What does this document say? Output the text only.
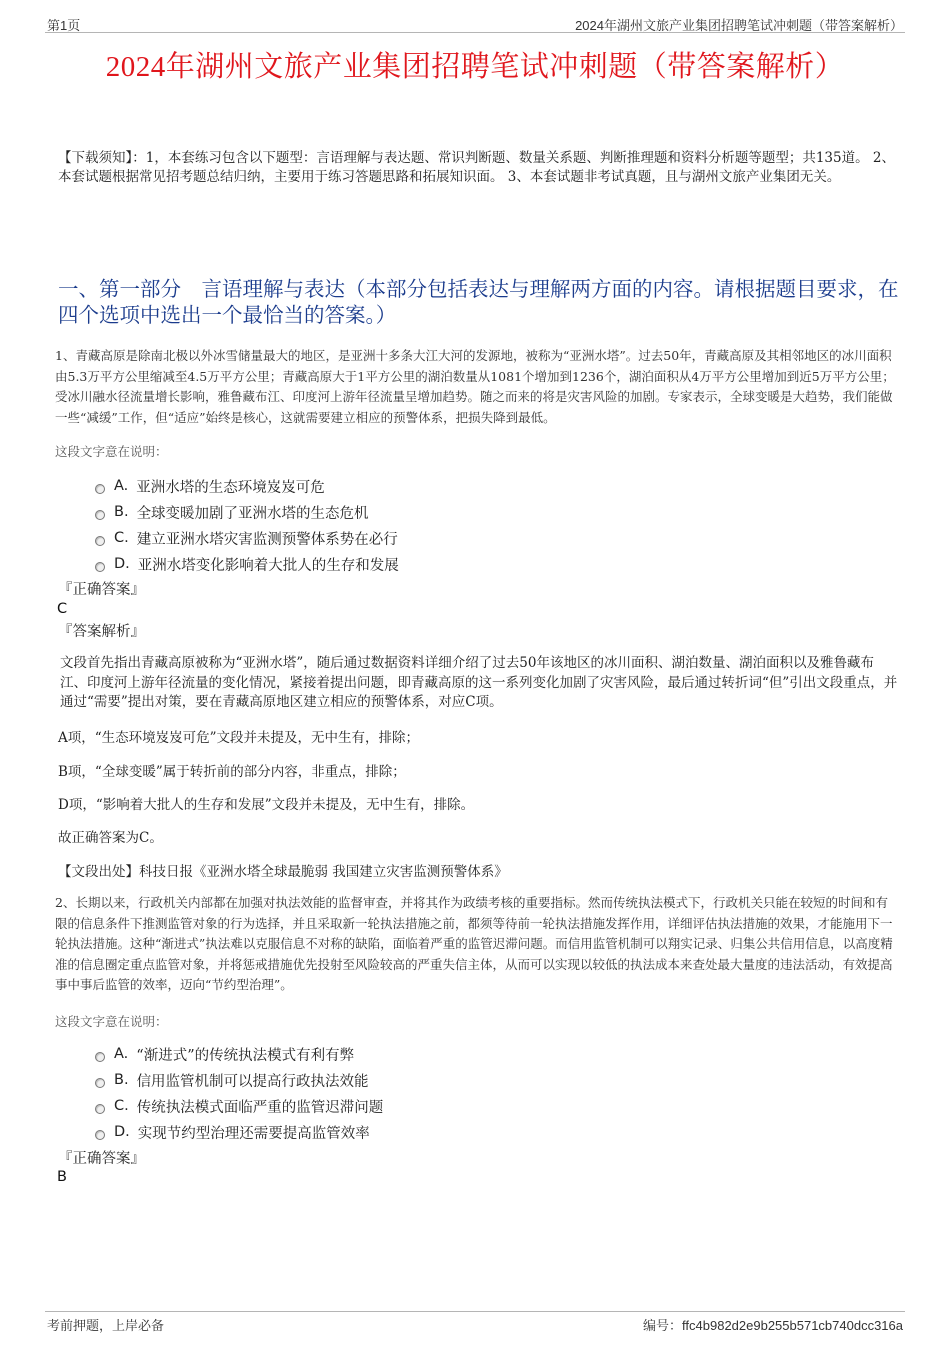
第1页	2024年湖州文旅产业集团招聘笔试冲刺题（带答案解析）
2024年湖州文旅产业集团招聘笔试冲刺题（带答案解析）
【下载须知】：1，本套练习包含以下题型：言语理解与表达题、常识判断题、数量关系题、判断推理题和资料分析题等题型；共135道。 2、本套试题根据常见招考题总结归纳，主要用于练习答题思路和拓展知识面。 3、本套试题非考试真题，且与湖州文旅产业集团无关。
一、第一部分　言语理解与表达（本部分包括表达与理解两方面的内容。请根据题目要求，在四个选项中选出一个最恰当的答案。）
1、青藏高原是除南北极以外冰雪储量最大的地区，是亚洲十多条大江大河的发源地，被称为“亚洲水塔”。过去50年，青藏高原及其相邻地区的冰川面积由5.3万平方公里缩减至4.5万平方公里；青藏高原大于1平方公里的湖泊数量从1081个增加到1236个，湖泊面积从4万平方公里增加到近5万平方公里；受冰川融水径流量增长影响，雅鲁藏布江、印度河上游年径流量呈增加趋势。随之而来的将是灾害风险的加剧。专家表示，全球变暖是大趋势，我们能做一些“减缓”工作，但“适应”始终是核心，这就需要建立相应的预警体系，把损失降到最低。
这段文字意在说明：
A. 亚洲水塔的生态环境岌岌可危
B. 全球变暖加剧了亚洲水塔的生态危机
C. 建立亚洲水塔灾害监测预警体系势在必行
D. 亚洲水塔变化影响着大批人的生存和发展
『正确答案』
C
『答案解析』
文段首先指出青藏高原被称为“亚洲水塔”，随后通过数据资料详细介绍了过去50年该地区的冰川面积、湖泊数量、湖泊面积以及雅鲁藏布江、印度河上游年径流量的变化情况，紧接着提出问题，即青藏高原的这一系列变化加剧了灾害风险，最后通过转折词“但”引出文段重点，并通过“需要”提出对策，要在青藏高原地区建立相应的预警体系，对应C项。
A项，“生态环境岌岌可危”文段并未提及，无中生有，排除；
B项，“全球变暖”属于转折前的部分内容，非重点，排除；
D项，“影响着大批人的生存和发展”文段并未提及，无中生有，排除。
故正确答案为C。
【文段出处】科技日报《亚洲水塔全球最脆弱 我国建立灾害监测预警体系》
2、长期以来，行政机关内部都在加强对执法效能的监督审查，并将其作为政绩考核的重要指标。然而传统执法模式下，行政机关只能在较短的时间和有限的信息条件下推测监管对象的行为选择，并且采取新一轮执法措施之前，都须等待前一轮执法措施发挥作用，详细评估执法措施的效果，才能施用下一轮执法措施。这种“渐进式”执法难以克服信息不对称的缺陷，面临着严重的监管迟滞问题。而信用监管机制可以翔实记录、归集公共信用信息，以高度精准的信息圈定重点监管对象，并将惩戒措施优先投射至风险较高的严重失信主体，从而可以实现以较低的执法成本来查处最大量度的违法活动，有效提高事中事后监管的效率，迈向“节约型治理”。
这段文字意在说明：
A. “渐进式”的传统执法模式有利有弊
B. 信用监管机制可以提高行政执法效能
C. 传统执法模式面临严重的监管迟滞问题
D. 实现节约型治理还需要提高监管效率
『正确答案』
B
考前押题，上岸必备	编号：ffc4b982d2e9b255b571cb740dcc316a
